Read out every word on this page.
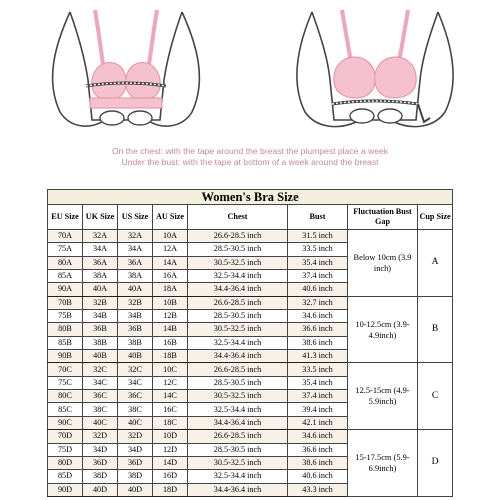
On the chest: with the tape around the breast the plumpest place a week
Under the bust: with the tape at bottom of a week around the breast
Women's Bra Size							
EU Size	UK Size	US Size	AU Size	Chest	Bust	Fluctuation Bust Gap	Cup Size
70A	32A	32A	10A	26.6-28.5 inch	31.5 inch	Below 10cm (3.9 inch)	A
75A	34A	34A	12A	28.5-30.5 inch	33.5 inch		
80A	36A	36A	14A	30.5-32.5 inch	35.4 inch		
85A	38A	38A	16A	32.5-34.4 inch	37.4 inch		
90A	40A	40A	18A	34.4-36.4 inch	40.6 inch		
70B	32B	32B	10B	26.6-28.5 inch	32.7 inch	10-12.5cm (3.9-4.9inch)	B
75B	34B	34B	12B	28.5-30.5 inch	34.6 inch		
80B	36B	36B	14B	30.5-32.5 inch	36.6 inch		
85B	38B	38B	16B	32.5-34.4 inch	38.6 inch		
90B	40B	40B	18B	34.4-36.4 inch	41.3 inch		
70C	32C	32C	10C	26.6-28.5 inch	33.5 inch	12.5-15cm (4.9-5.9inch)	C
75C	34C	34C	12C	28.5-30.5 inch	35.4 inch		
80C	36C	36C	14C	30.5-32.5 inch	37.4 inch		
85C	38C	38C	16C	32.5-34.4 inch	39.4 inch		
90C	40C	40C	18C	34.4-36.4 inch	42.1 inch		
70D	32D	32D	10D	26.6-28.5 inch	34.6 inch	15-17.5cm (5.9-6.9inch)	D
75D	34D	34D	12D	28.5-30.5 inch	36.6 inch		
80D	36D	36D	14D	30.5-32.5 inch	38.6 inch		
85D	38D	38D	16D	32.5-34.4 inch	40.6 inch		
90D	40D	40D	18D	34.4-36.4 inch	43.3 inch		
